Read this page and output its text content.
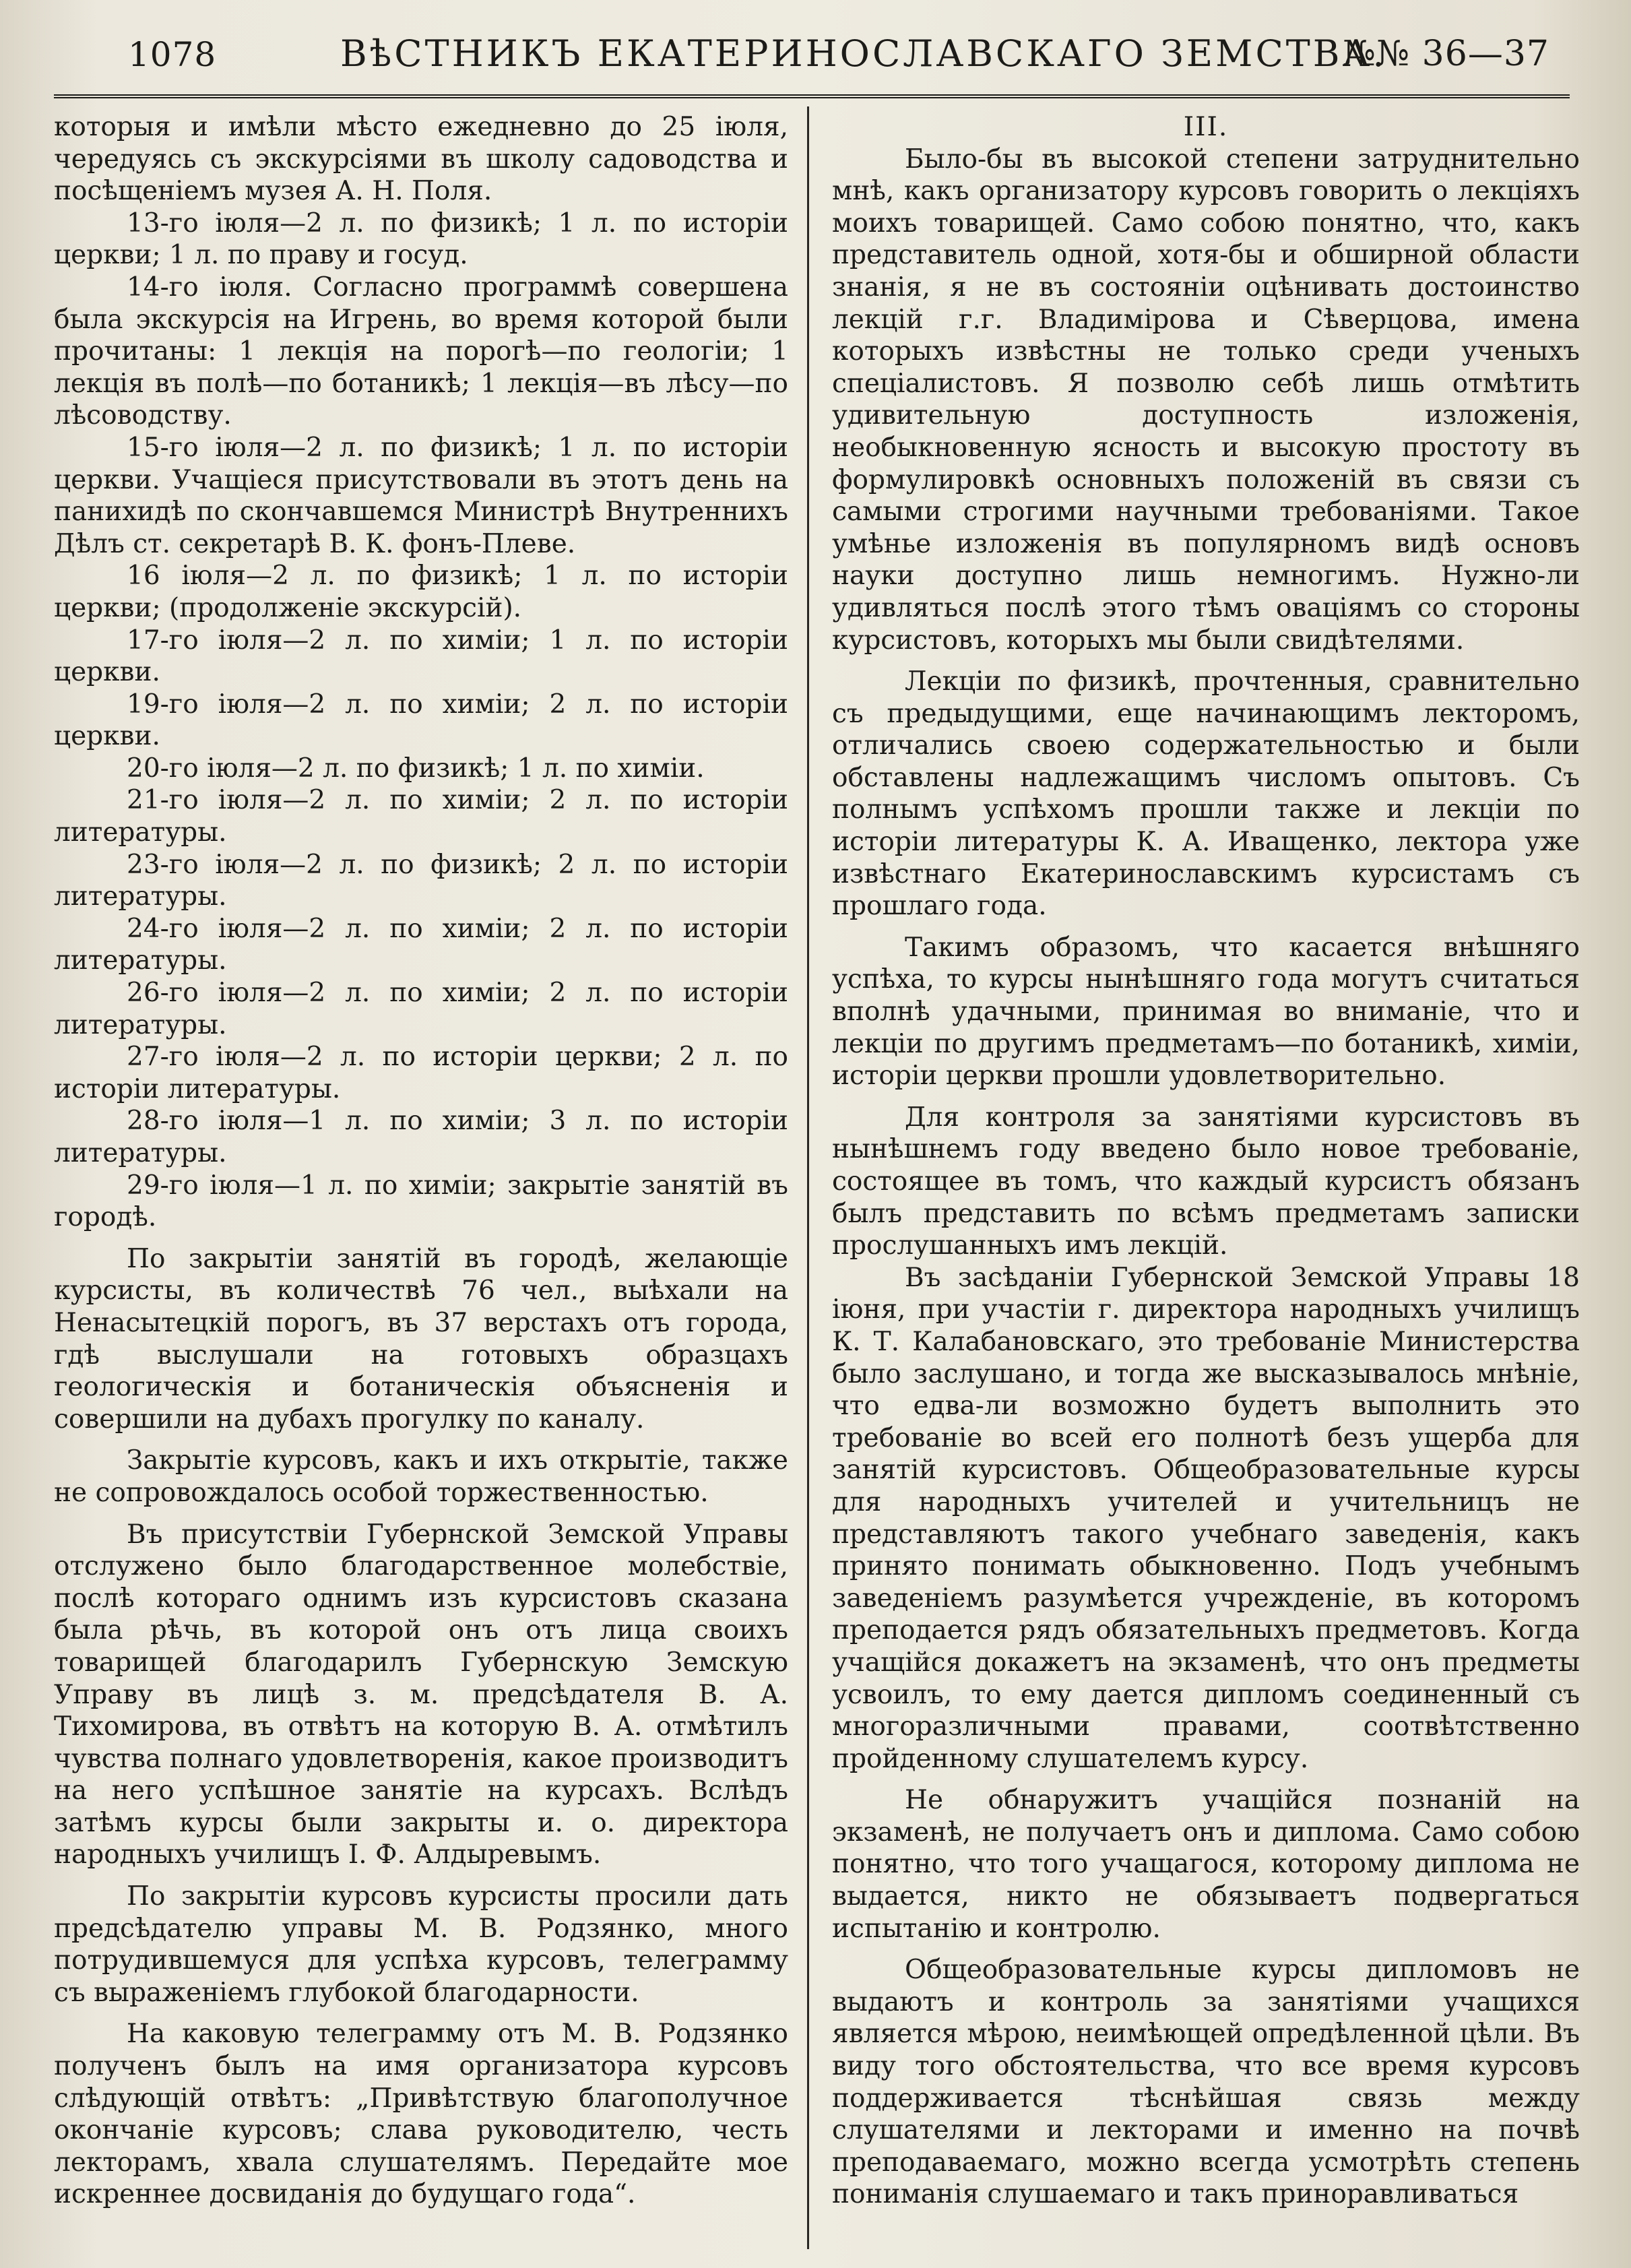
1078	ВѣСТНИКЪ ЕКАТЕРИНОСЛАВСКАГО ЗЕМСТВА.
№№ 36—37

которыя и имѣли мѣсто ежедневно до 25 іюля, чередуясь съ экскурсіями въ школу садоводства и посѣщеніемъ музея А. Н. Поля.

13-го іюля—2 л. по физикѣ; 1 л. по исторіи церкви; 1 л. по праву и госуд.

14-го іюля. Согласно программѣ совершена была экскурсія на Игрень, во время которой были прочитаны: 1 лекція на порогѣ—по геологіи; 1 лекція въ полѣ—по ботаникѣ; 1 лекція—въ лѣсу—по лѣсоводству.

15-го іюля—2 л. по физикѣ; 1 л. по исторіи церкви. Учащіеся присутствовали въ этотъ день на панихидѣ по скончавшемся Министрѣ Внутреннихъ Дѣлъ ст. секретарѣ В. К. фонъ-Плеве.

16 іюля—2 л. по физикѣ; 1 л. по исторіи церкви; (продолженіе экскурсій).

17-го іюля—2 л. по химіи; 1 л. по исторіи церкви.

19-го іюля—2 л. по химіи; 2 л. по исторіи церкви.

20-го іюля—2 л. по физикѣ; 1 л. по химіи.

21-го іюля—2 л. по химіи; 2 л. по исторіи литературы.

23-го іюля—2 л. по физикѣ; 2 л. по исторіи литературы.

24-го іюля—2 л. по химіи; 2 л. по исторіи литературы.

26-го іюля—2 л. по химіи; 2 л. по исторіи литературы.

27-го іюля—2 л. по исторіи церкви; 2 л. по исторіи литературы.

28-го іюля—1 л. по химіи; 3 л. по исторіи литературы.

29-го іюля—1 л. по химіи; закрытіе занятій въ городѣ.

По закрытіи занятій въ городѣ, желающіе курсисты, въ количествѣ 76 чел., выѣхали на Ненасытецкій порогъ, въ 37 верстахъ отъ города, гдѣ выслушали на готовыхъ образцахъ геологическія и ботаническія объясненія и совершили на дубахъ прогулку по каналу.

Закрытіе курсовъ, какъ и ихъ открытіе, также не сопровождалось особой торжественностью.

Въ присутствіи Губернской Земской Управы отслужено было благодарственное молебствіе, послѣ котораго однимъ изъ курсистовъ сказана была рѣчь, въ которой онъ отъ лица своихъ товарищей благодарилъ Губернскую Земскую Управу въ лицѣ з. м. предсѣдателя В. А. Тихомирова, въ отвѣтъ на которую В. А. отмѣтилъ чувства полнаго удовлетворенія, какое производитъ на него успѣшное занятіе на курсахъ. Вслѣдъ затѣмъ курсы были закрыты и. о. директора народныхъ училищъ І. Ф. Алдыревымъ.

По закрытіи курсовъ курсисты просили дать предсѣдателю управы М. В. Родзянко, много потрудившемуся для успѣха курсовъ, телеграмму съ выраженіемъ глубокой благодарности.

На каковую телеграмму отъ М. В. Родзянко полученъ былъ на имя организатора курсовъ слѣдующій отвѣтъ: „Привѣтствую благополучное окончаніе курсовъ; слава руководителю, честь лекторамъ, хвала слушателямъ. Передайте мое искреннее досвиданія до будущаго года“.

III.

Было-бы въ высокой степени затруднительно мнѣ, какъ организатору курсовъ говорить о лекціяхъ моихъ товарищей. Само собою понятно, что, какъ представитель одной, хотя-бы и обширной области знанія, я не въ состояніи оцѣнивать достоинство лекцій г.г. Владимірова и Сѣверцова, имена которыхъ извѣстны не только среди ученыхъ спеціалистовъ. Я позволю себѣ лишь отмѣтить удивительную доступность изложенія, необыкновенную ясность и высокую простоту въ формулировкѣ основныхъ положеній въ связи съ самыми строгими научными требованіями. Такое умѣнье изложенія въ популярномъ видѣ основъ науки доступно лишь немногимъ. Нужно-ли удивляться послѣ этого тѣмъ оваціямъ со стороны курсистовъ, которыхъ мы были свидѣтелями.

Лекціи по физикѣ, прочтенныя, сравнительно съ предыдущими, еще начинающимъ лекторомъ, отличались своею содержательностью и были обставлены надлежащимъ числомъ опытовъ. Съ полнымъ успѣхомъ прошли также и лекціи по исторіи литературы К. А. Иващенко, лектора уже извѣстнаго Екатеринославскимъ курсистамъ съ прошлаго года.

Такимъ образомъ, что касается внѣшняго успѣха, то курсы нынѣшняго года могутъ считаться вполнѣ удачными, принимая во вниманіе, что и лекціи по другимъ предметамъ—по ботаникѣ, химіи, исторіи церкви прошли удовлетворительно.

Для контроля за занятіями курсистовъ въ нынѣшнемъ году введено было новое требованіе, состоящее въ томъ, что каждый курсистъ обязанъ былъ представить по всѣмъ предметамъ записки прослушанныхъ имъ лекцій.

Въ засѣданіи Губернской Земской Управы 18 іюня, при участіи г. директора народныхъ училищъ К. Т. Калабановскаго, это требованіе Министерства было заслушано, и тогда же высказывалось мнѣніе, что едва-ли возможно будетъ выполнить это требованіе во всей его полнотѣ безъ ущерба для занятій курсистовъ. Общеобразовательные курсы для народныхъ учителей и учительницъ не представляютъ такого учебнаго заведенія, какъ принято понимать обыкновенно. Подъ учебнымъ заведеніемъ разумѣется учрежденіе, въ которомъ преподается рядъ обязательныхъ предметовъ. Когда учащійся докажетъ на экзаменѣ, что онъ предметы усвоилъ, то ему дается дипломъ соединенный съ многоразличными правами, соотвѣтственно пройденному слушателемъ курсу.

Не обнаружитъ учащійся познаній на экзаменѣ, не получаетъ онъ и диплома. Само собою понятно, что того учащагося, которому диплома не выдается, никто не обязываетъ подвергаться испытанію и контролю.

Общеобразовательные курсы дипломовъ не выдаютъ и контроль за занятіями учащихся является мѣрою, неимѣющей опредѣленной цѣли. Въ виду того обстоятельства, что все время курсовъ поддерживается тѣснѣйшая связь между слушателями и лекторами и именно на почвѣ преподаваемаго, можно всегда усмотрѣть степень пониманія слушаемаго и такъ приноравливаться
